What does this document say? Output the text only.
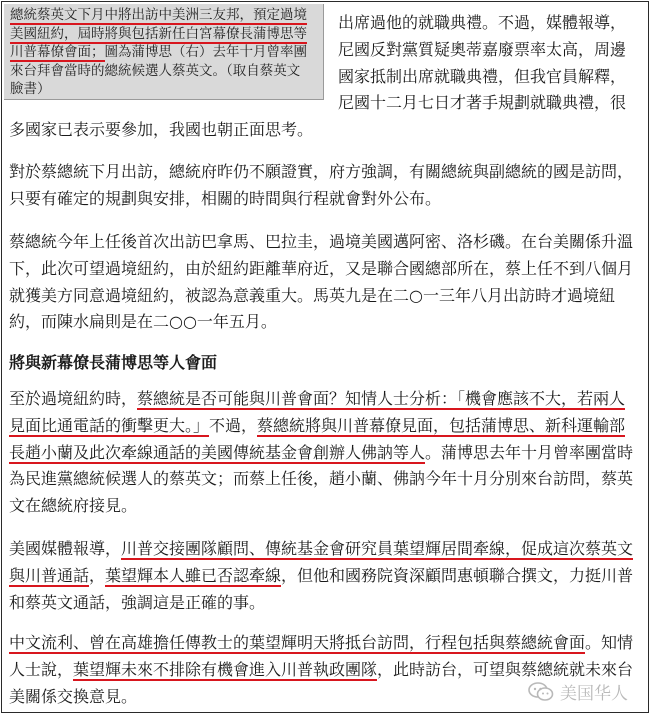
總統蔡英文下月中將出訪中美洲三友邦，預定過境
美國紐約，屆時將與包括新任白宮幕僚長蒲博思等
川普幕僚會面；圖為蒲博思（右）去年十月曾率團
來台拜會當時的總統候選人蔡英文。（取自蔡英文
臉書）
出席過他的就職典禮。不過，媒體報導，
尼國反對黨質疑奧蒂嘉廢票率太高，周邊
國家抵制出席就職典禮，但我官員解釋，
尼國十二月七日才著手規劃就職典禮，很

多國家已表示要參加，我國也朝正面思考。

對於蔡總統下月出訪，總統府昨仍不願證實，府方強調，有關總統與副總統的國是訪問，
只要有確定的規劃與安排，相關的時間與行程就會對外公布。

蔡總統今年上任後首次出訪巴拿馬、巴拉圭，過境美國邁阿密、洛杉磯。在台美關係升溫
下，此次可望過境紐約，由於紐約距離華府近，又是聯合國總部所在，蔡上任不到八個月
就獲美方同意過境紐約，被認為意義重大。馬英九是在二○一三年八月出訪時才過境紐
約，而陳水扁則是在二○○一年五月。

將與新幕僚長蒲博思等人會面

至於過境紐約時，蔡總統是否可能與川普會面？知情人士分析：「機會應該不大，若兩人
見面比通電話的衝擊更大。」不過，蔡總統將與川普幕僚見面，包括蒲博思、新科運輸部
長趙小蘭及此次牽線通話的美國傳統基金會創辦人佛訥等人。蒲博思去年十月曾率團當時
為民進黨總統候選人的蔡英文；而蔡上任後，趙小蘭、佛訥今年十月分別來台訪問，蔡英
文在總統府接見。

美國媒體報導，川普交接團隊顧問、傳統基金會研究員葉望輝居間牽線，促成這次蔡英文
與川普通話，葉望輝本人雖已否認牽線，但他和國務院資深顧問惠頓聯合撰文，力挺川普
和蔡英文通話，強調這是正確的事。

中文流利、曾在高雄擔任傳教士的葉望輝明天將抵台訪問，行程包括與蔡總統會面。知情
人士說，葉望輝未來不排除有機會進入川普執政團隊，此時訪台，可望與蔡總統就未來台
美關係交換意見。	美国华人
